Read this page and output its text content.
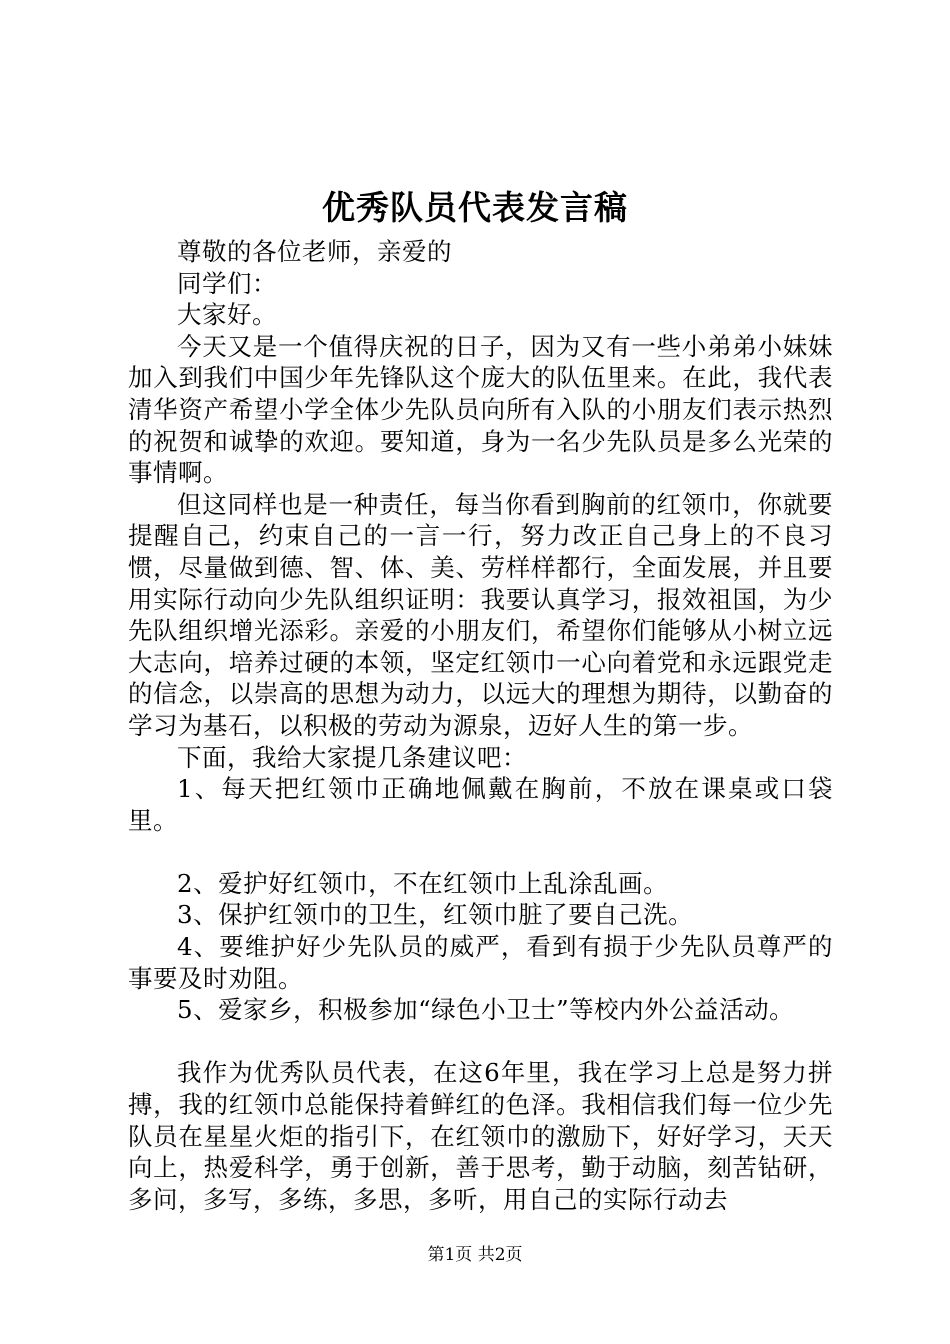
优秀队员代表发言稿

尊敬的各位老师，亲爱的

同学们：

大家好。

今天又是一个值得庆祝的日子，因为又有一些小弟弟小妹妹加入到我们中国少年先锋队这个庞大的队伍里来。在此，我代表清华资产希望小学全体少先队员向所有入队的小朋友们表示热烈的祝贺和诚挚的欢迎。要知道，身为一名少先队员是多么光荣的事情啊。

但这同样也是一种责任，每当你看到胸前的红领巾，你就要提醒自己，约束自己的一言一行，努力改正自己身上的不良习惯，尽量做到德、智、体、美、劳样样都行，全面发展，并且要用实际行动向少先队组织证明：我要认真学习，报效祖国，为少先队组织增光添彩。亲爱的小朋友们，希望你们能够从小树立远大志向，培养过硬的本领，坚定红领巾一心向着党和永远跟党走的信念，以崇高的思想为动力，以远大的理想为期待，以勤奋的学习为基石，以积极的劳动为源泉，迈好人生的第一步。

下面，我给大家提几条建议吧：

1、每天把红领巾正确地佩戴在胸前，不放在课桌或口袋里。

2、爱护好红领巾，不在红领巾上乱涂乱画。

3、保护红领巾的卫生，红领巾脏了要自己洗。

4、要维护好少先队员的威严，看到有损于少先队员尊严的事要及时劝阻。

5、爱家乡，积极参加“绿色小卫士”等校内外公益活动。

我作为优秀队员代表，在这6年里，我在学习上总是努力拼搏，我的红领巾总能保持着鲜红的色泽。我相信我们每一位少先队员在星星火炬的指引下，在红领巾的激励下，好好学习，天天向上，热爱科学，勇于创新，善于思考，勤于动脑，刻苦钻研，多问，多写，多练，多思，多听，用自己的实际行动去

第1页 共2页
